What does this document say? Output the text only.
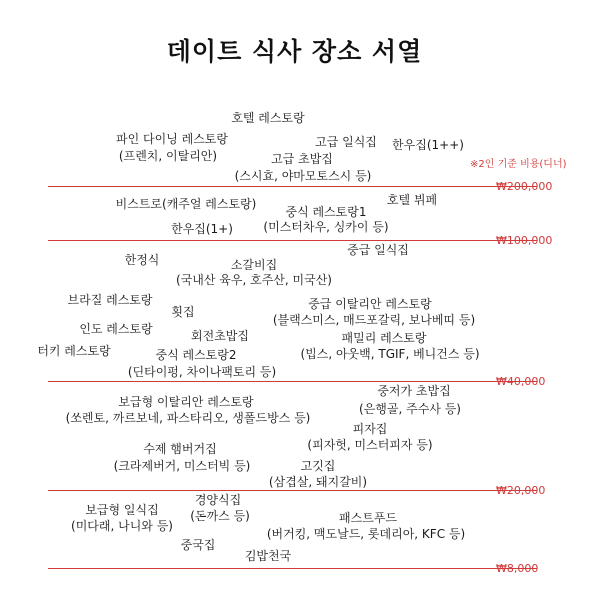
데이트 식사 장소 서열
※2인 기준 비용(디너)
₩200,000
₩100,000
₩40,000
₩20,000
₩8,000
호텔 레스토랑
파인 다이닝 레스토랑
(프렌치, 이탈리안)
고급 일식집 한우집(1++)
고급 초밥집
(스시효, 야마모토스시 등)
비스트로(캐주얼 레스토랑)	호텔 뷔페
중식 레스토랑1
한우집(1+)	(미스터차우, 싱카이 등)
중급 일식집
한정식	소갈비집
(국내산 육우, 호주산, 미국산)
브라질 레스토랑	중급 이탈리안 레스토랑
횟집
(블랙스미스, 매드포갈릭, 보나베띠 등)
인도 레스토랑	회전초밥집	패밀리 레스토랑
터키 레스토랑	중식 레스토랑2	(빕스, 아웃백, TGIF, 베니건스 등)
(딘타이펑, 차이나팩토리 등)
중저가 초밥집
보급형 이탈리안 레스토랑	(은행골, 주수사 등)
(쏘렌토, 까르보네, 파스타리오, 생폴드방스 등)
피자집
수제 햄버거집	(피자헛, 미스터피자 등)
(크라제버거, 미스터빅 등)	고깃집
(삼겹살, 돼지갈비)
경양식집
보급형 일식집	(돈까스 등)	패스트푸드
(미다래, 나니와 등)
(버거킹, 맥도날드, 롯데리아, KFC 등)
중국집
김밥천국
